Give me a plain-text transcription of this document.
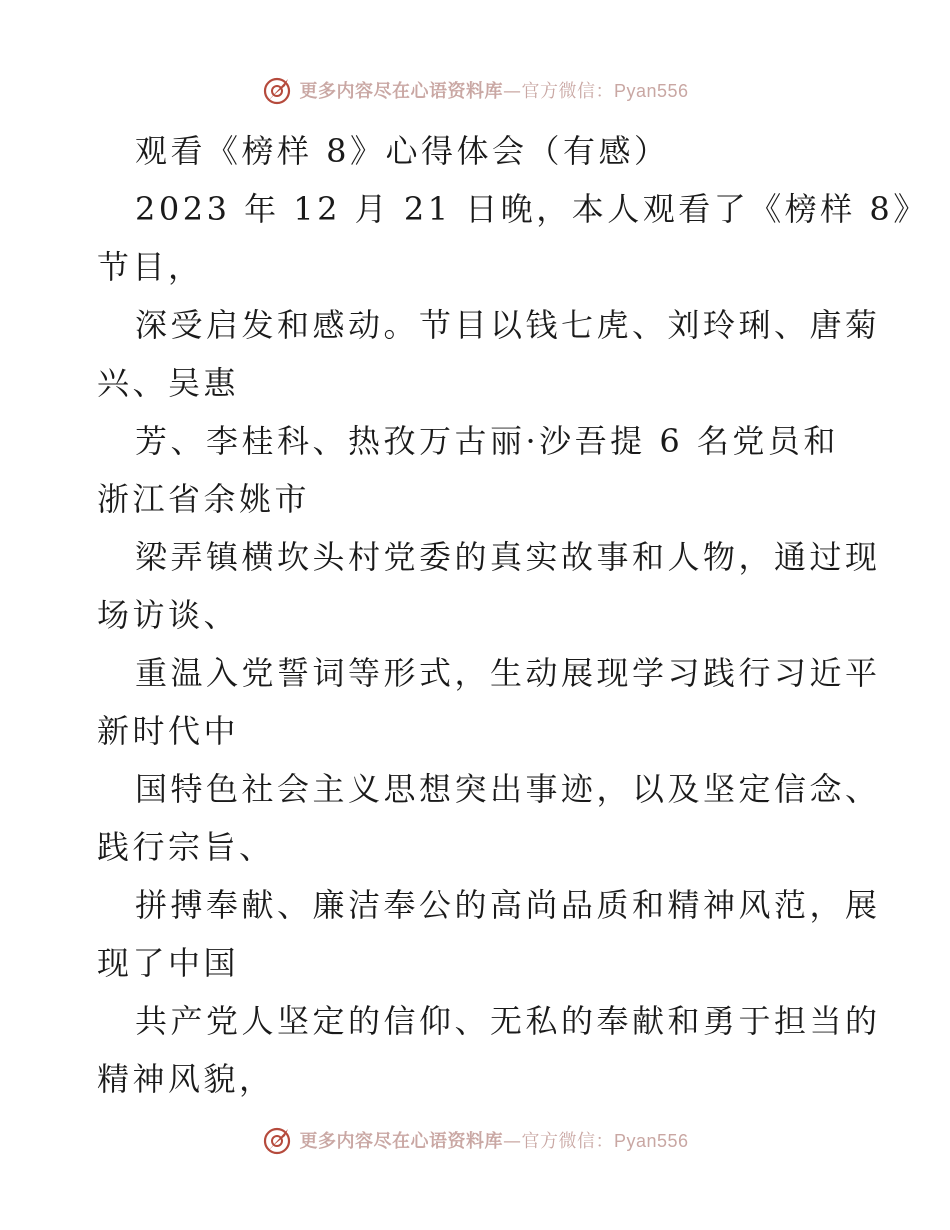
更多内容尽在心语资料库—官方微信：Pyan556
观看《榜样 8》心得体会（有感）
2023 年 12 月 21 日晚，本人观看了《榜样 8》
节目，
深受启发和感动。节目以钱七虎、刘玲琍、唐菊
兴、吴惠
芳、李桂科、热孜万古丽·沙吾提 6 名党员和
浙江省余姚市
梁弄镇横坎头村党委的真实故事和人物，通过现
场访谈、
重温入党誓词等形式，生动展现学习践行习近平
新时代中
国特色社会主义思想突出事迹，以及坚定信念、
践行宗旨、
拼搏奉献、廉洁奉公的高尚品质和精神风范，展
现了中国
共产党人坚定的信仰、无私的奉献和勇于担当的
精神风貌，
更多内容尽在心语资料库—官方微信：Pyan556
